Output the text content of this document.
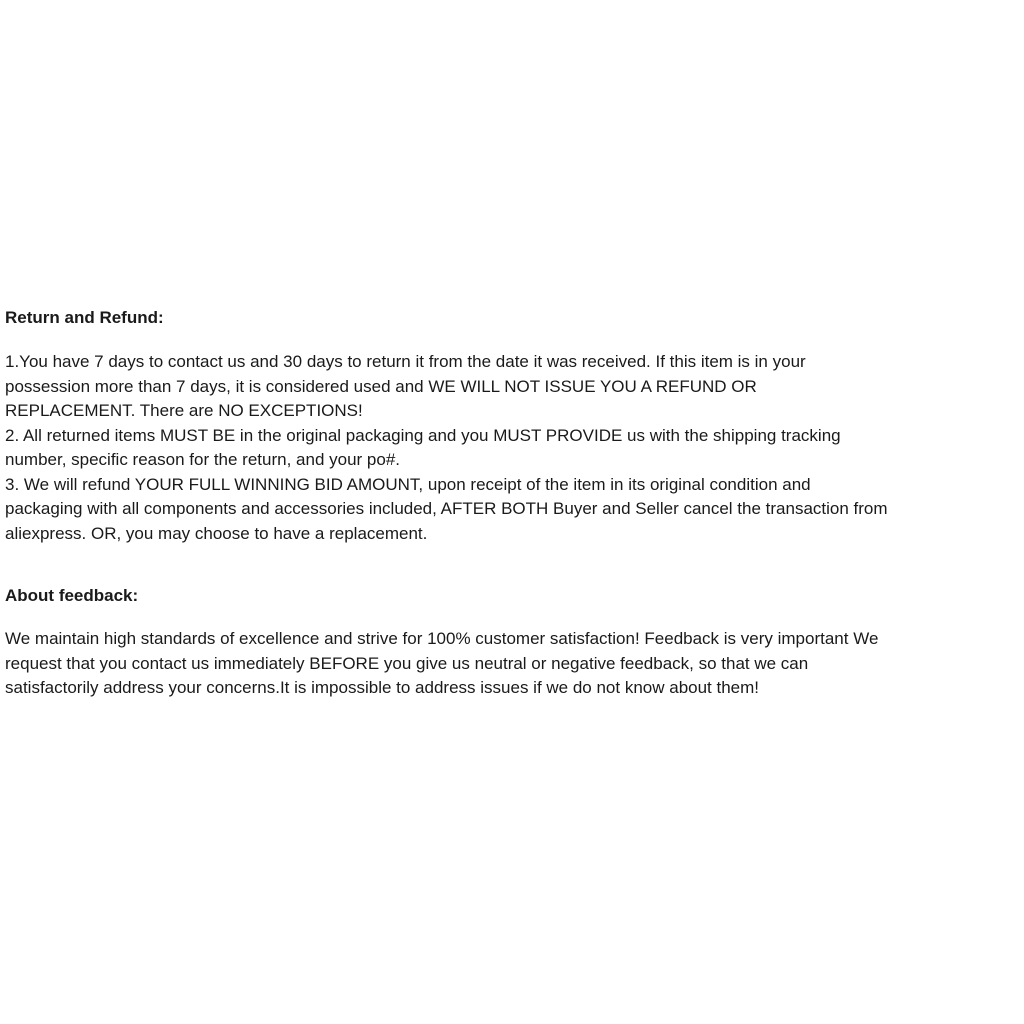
Return and Refund:

1.You have 7 days to contact us and 30 days to return it from the date it was received. If this item is in your
possession more than 7 days, it is considered used and WE WILL NOT ISSUE YOU A REFUND OR
REPLACEMENT. There are NO EXCEPTIONS!
2. All returned items MUST BE in the original packaging and you MUST PROVIDE us with the shipping tracking
number, specific reason for the return, and your po#.
3. We will refund YOUR FULL WINNING BID AMOUNT, upon receipt of the item in its original condition and
packaging with all components and accessories included, AFTER BOTH Buyer and Seller cancel the transaction from
aliexpress. OR, you may choose to have a replacement.

About feedback:

We maintain high standards of excellence and strive for 100% customer satisfaction! Feedback is very important We
request that you contact us immediately BEFORE you give us neutral or negative feedback, so that we can
satisfactorily address your concerns.It is impossible to address issues if we do not know about them!
